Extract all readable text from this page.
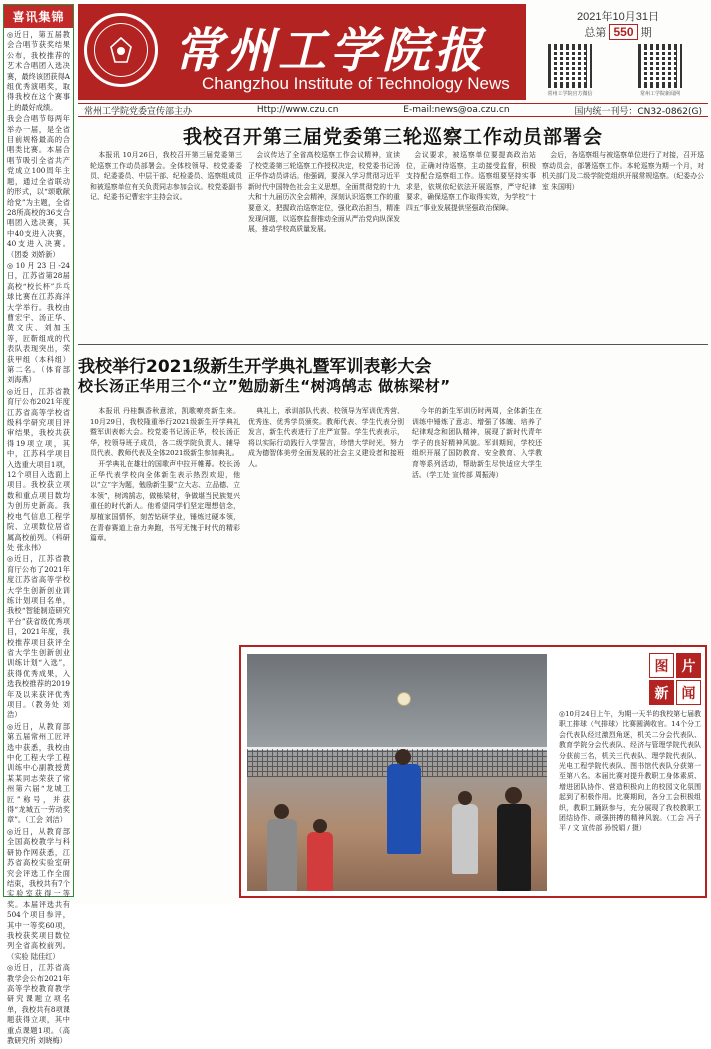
喜讯集锦

◎近日，第五届教会合唱节获奖结果公布，我校推荐的艺术合唱团入选决赛，最终该团获得A组优秀演唱奖，取得我校在这个赛事上的最好成绩。

我会合唱节每两年举办一届，是全省目前规格最高的合唱类比赛。本届合唱节吸引全省共产党成立100周年主题，通过全省联动的形式，以“颂歌献给党”为主题，全省28所高校的36支合唱团入选决赛，其中40支进入决赛，40支进入决赛。（团委 刘娇新）

◎10月23日-24日，江苏省第28届高校“校长杯”乒乓球比赛在江苏海洋大学举行。我校由曹宏宇、汤正华、黄文庆、刘加玉等，匠靳组成的代表队表现突出，荣获甲组（本科组）第二名。（体育部 刘海燕）

◎近日，江苏省教育厅公布2021年度江苏省高等学校省级科学研究项目评审结果，我校共获得19项立项，其中，江苏科学项目入选重大项目1项，12个项目入选面上项目。我校获立项数和重点项目数均为创历史新高。我校电气信息工程学院、立项数位居省属高校前列。（科研处 张永伟）

◎近日，江苏省教育厅公布了2021年度江苏省高等学校大学生创新创业训练计划项目名单，我校“智能制造研究平台”获省级优秀项目，2021年度，我校推荐项目获评全省大学生创新创业训练计划“入选”，获得优秀成果，入选我校推荐的2019年及以来获评优秀项目。（教务处 刘浩）

◎近日，从教育部第五届常州工匠评选中获悉，我校由中化工程大学工程训练中心副教授黄某某同志荣获了常州第六届“龙城工匠”称号，并获得“龙城五一劳动奖章”。（工会 刘洁）

◎近日，从教育部全国高校教学与科研协作网获悉，江苏省高校实验室研究会评选工作全面结束，我校共有7个实验室获得一等奖。本届评选共有504个项目参评，其中一等奖60项，我校获奖项目数位列全省高校前列。（实验 陆佳红）

◎近日，江苏省高教学会公布2021年高等学校教育教学研究课题立项名单，我校共有8项课题获得立项，其中重点课题1项。（高教研究所 刘晓梅）

常州工学院报
Changzhou Institute of Technology News
2021年10月31日
总第 550 期
常州工学院官方微信	常州工学院新闻网
常州工学院党委宣传部主办	Http://www.czu.cn	E-mail:news@oa.czu.cn	国内统一刊号：CN32-0862(G)
我校召开第三届党委第三轮巡察工作动员部署会

本报讯 10月26日，我校召开第三届党委第三轮巡察工作动员部署会。全体校领导、校党委委员、纪委委员、中层干部、纪检委员、巡察组成员和被巡察单位有关负责同志参加会议。校党委副书记、纪委书记曹宏宇主持会议。

会议传达了全省高校巡察工作会议精神，宣读了校党委第三轮巡察工作授权决定，校党委书记汤正华作动员讲话。他强调，要深入学习贯彻习近平新时代中国特色社会主义思想，全面贯彻党的十九大和十九届历次全会精神，深刻认识巡察工作的重要意义，把握政治巡察定位，强化政治担当，精准发现问题，以巡察监督推动全面从严治党向纵深发展，推动学校高质量发展。

会议要求，被巡察单位要提高政治站位，正确对待巡察，主动接受监督，积极支持配合巡察组工作。巡察组要坚持实事求是，依规依纪依法开展巡察，严守纪律要求，确保巡察工作取得实效，为学校“十四五”事业发展提供坚强政治保障。

会后，各巡察组与被巡察单位进行了对接，召开巡察动员会，部署巡察工作。本轮巡察为期一个月，对机关部门及二级学院党组织开展常规巡察。（纪委办公室 朱国明）

我校举行2021级新生开学典礼暨军训表彰大会
校长汤正华用三个“立”勉励新生“树鸿鹄志 做栋梁材”

本报讯 丹桂飘香秋意浓，凯歌嘹亮新生来。10月29日，我校隆重举行2021级新生开学典礼暨军训表彰大会。校党委书记汤正华，校长汤正华，校领导班子成员，各二级学院负责人、辅导员代表、教师代表及全体2021级新生参加典礼。

开学典礼在雄壮的国歌声中拉开帷幕。校长汤正华代表学校向全体新生表示热烈欢迎，他以“立”字为题，勉励新生要“立大志、立品德、立本领”，树鸿鹄志，做栋梁材，争做堪当民族复兴重任的时代新人。他希望同学们坚定理想信念，厚植家国情怀，刻苦钻研学业，锤炼过硬本领，在青春赛道上奋力奔跑，书写无愧于时代的精彩篇章。

典礼上，承训部队代表、校领导为军训优秀营、优秀连、优秀学员颁奖。教师代表、学生代表分别发言，新生代表进行了庄严宣誓。学生代表表示，将以实际行动践行入学誓言，珍惜大学时光，努力成为德智体美劳全面发展的社会主义建设者和接班人。

今年的新生军训历时两周，全体新生在训练中锤炼了意志、增强了体魄、培养了纪律观念和团队精神，展现了新时代青年学子的良好精神风貌。军训期间，学校还组织开展了国防教育、安全教育、入学教育等系列活动，帮助新生尽快适应大学生活。（学工处 宣传部 周振涛）

图 片
新 闻
◎10月24日上午，为期一天半的我校第七届教职工排球（气排球）比赛圆满收官。14个分工会代表队经过激烈角逐，机关二分会代表队、教育学院分会代表队、经济与管理学院代表队分获前三名，机关三代表队、理学院代表队、光电工程学院代表队、图书馆代表队分获第一至第八名。本届比赛对提升教职工身体素质、增进团队协作、营造积极向上的校园文化氛围起到了积极作用。比赛期间，各分工会积极组织，教职工踊跃参与，充分展现了我校教职工团结协作、顽强拼搏的精神风貌。（工会 冯子平 / 文 宣传部 孙悦娟 / 摄）
